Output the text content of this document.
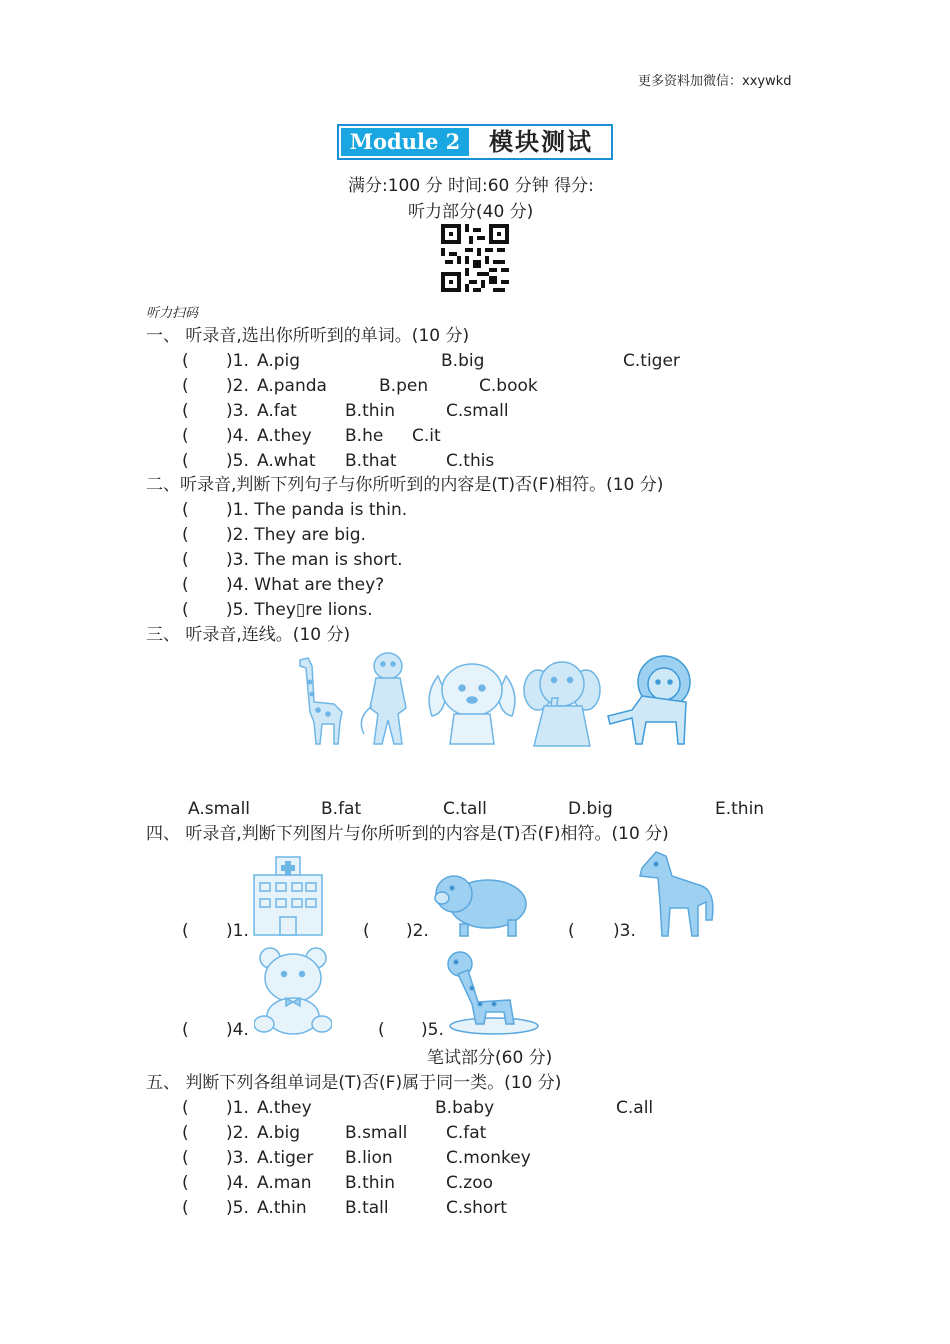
更多资料加微信：xxywkd
Module 2	模块测试
满分:100 分 时间:60 分钟 得分:
听力部分(40 分)
听力扫码
一、 听录音,选出你所听到的单词。(10 分)
( )1. A.pig	B.big	C.tiger
( )2. A.panda	B.pen	C.book
( )3. A.fat	B.thin	C.small
( )4. A.they B.he C.it
( )5. A.what B.that	C.this
二、听录音,判断下列句子与你所听到的内容是(T)否(F)相符。(10 分)
( )1. The panda is thin.
( )2. They are big.
( )3. The man is short.
( )4. What are they?
( )5. They▯re lions.
三、 听录音,连线。(10 分)
A.small	B.fat	C.tall	D.big	E.thin
四、 听录音,判断下列图片与你所听到的内容是(T)否(F)相符。(10 分)
( )1.	( )2.	( )3.
( )4.	( )5.
笔试部分(60 分)
五、 判断下列各组单词是(T)否(F)属于同一类。(10 分)
( )1. A.they	B.baby	C.all
( )2. A.big	B.small C.fat
( )3. A.tiger B.lion	C.monkey
( )4. A.man B.thin	C.zoo
( )5. A.thin B.tall	C.short
